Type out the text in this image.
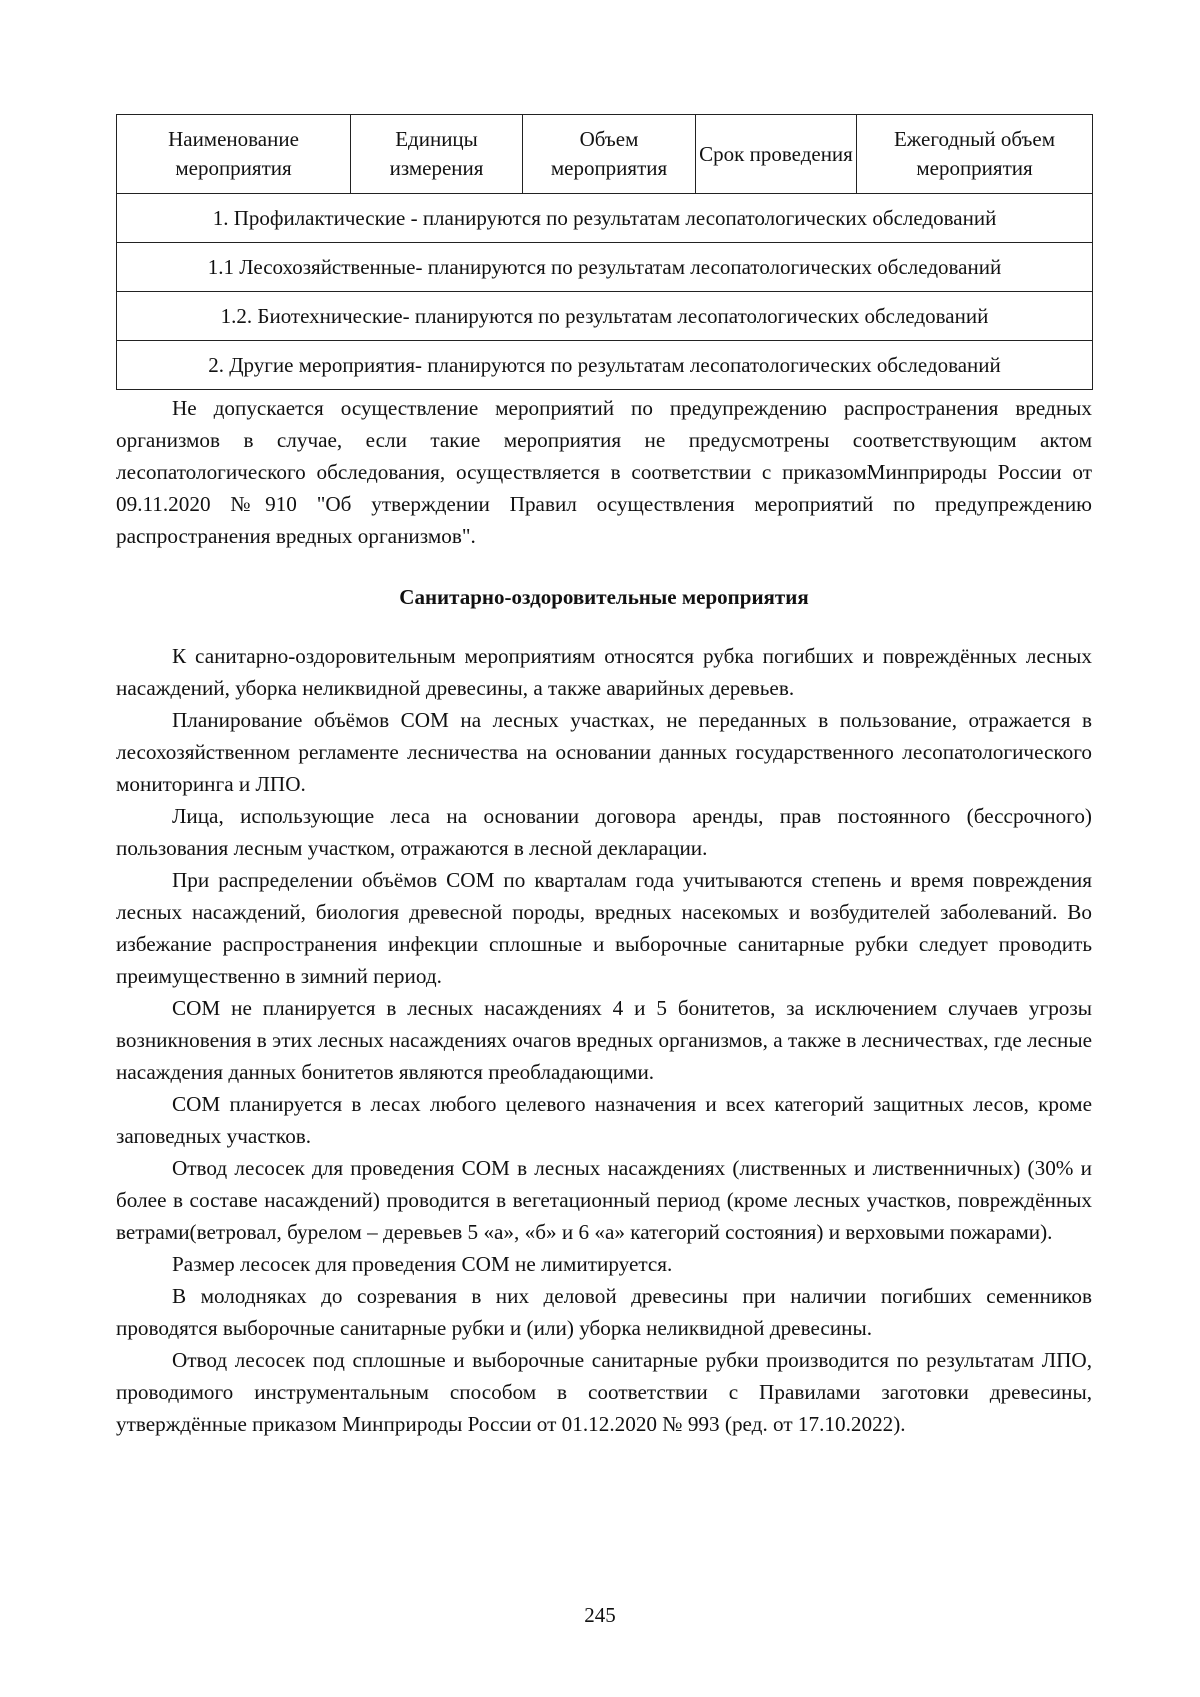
Наименование мероприятия	Единицы измерения	Объем мероприятия	Срок проведения	Ежегодный объем мероприятия
1. Профилактические - планируются по результатам лесопатологических обследований
1.1 Лесохозяйственные- планируются по результатам лесопатологических обследований
1.2. Биотехнические- планируются по результатам лесопатологических обследований
2. Другие мероприятия- планируются по результатам лесопатологических обследований

Не допускается осуществление мероприятий по предупреждению распространения вредных организмов в случае, если такие мероприятия не предусмотрены соответствующим актом лесопатологического обследования, осуществляется в соответствии с приказомМинприроды России от 09.11.2020 №910 "Об утверждении Правил осуществления мероприятий по предупреждению распространения вредных организмов".

Санитарно-оздоровительные мероприятия

К санитарно-оздоровительным мероприятиям относятся рубка погибших и повреждённых лесных насаждений, уборка неликвидной древесины, а также аварийных деревьев.

Планирование объёмов СОМ на лесных участках, не переданных в пользование, отражается в лесохозяйственном регламенте лесничества на основании данных государственного лесопатологического мониторинга и ЛПО.

Лица, использующие леса на основании договора аренды, прав постоянного (бессрочного) пользования лесным участком, отражаются в лесной декларации.

При распределении объёмов СОМ по кварталам года учитываются степень и время повреждения лесных насаждений, биология древесной породы, вредных насекомых и возбудителей заболеваний. Во избежание распространения инфекции сплошные и выборочные санитарные рубки следует проводить преимущественно в зимний период.

СОМ не планируется в лесных насаждениях 4 и 5 бонитетов, за исключением случаев угрозы возникновения в этих лесных насаждениях очагов вредных организмов, а также в лесничествах, где лесные насаждения данных бонитетов являются преобладающими.

СОМ планируется в лесах любого целевого назначения и всех категорий защитных лесов, кроме заповедных участков.

Отвод лесосек для проведения СОМ в лесных насаждениях (лиственных и лиственничных) (30% и более в составе насаждений) проводится в вегетационный период (кроме лесных участков, повреждённых ветрами(ветровал, бурелом – деревьев 5 «а», «б» и 6 «а» категорий состояния) и верховыми пожарами).

Размер лесосек для проведения СОМ не лимитируется.

В молодняках до созревания в них деловой древесины при наличии погибших семенников проводятся выборочные санитарные рубки и (или) уборка неликвидной древесины.

Отвод лесосек под сплошные и выборочные санитарные рубки производится по результатам ЛПО, проводимого инструментальным способом в соответствии с Правилами заготовки древесины, утверждённые приказом Минприроды России от 01.12.2020 № 993 (ред. от 17.10.2022).

245
